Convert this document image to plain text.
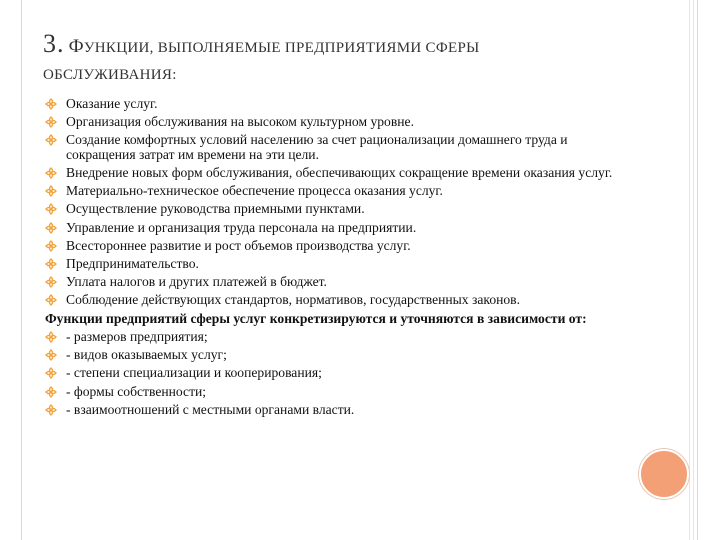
3. ФУНКЦИИ, ВЫПОЛНЯЕМЫЕ ПРЕДПРИЯТИЯМИ СФЕРЫ
ОБСЛУЖИВАНИЯ:
Оказание услуг.
Организация обслуживания на высоком культурном уровне.
Создание комфортных условий населению за счет рационализации домашнего труда и сокращения затрат им времени на эти цели.
Внедрение новых форм обслуживания, обеспечивающих сокращение времени оказания услуг.
Материально-техническое обеспечение процесса оказания услуг.
Осуществление руководства приемными пунктами.
Управление и организация труда персонала на предприятии.
Всестороннее развитие и рост объемов производства услуг.
Предпринимательство.
Уплата налогов и других платежей в бюджет.
Соблюдение действующих стандартов, нормативов, государственных законов.
Функции предприятий сферы услуг конкретизируются и уточняются в зависимости от:
- размеров предприятия;
- видов оказываемых услуг;
- степени специализации и кооперирования;
- формы собственности;
- взаимоотношений с местными органами власти.
